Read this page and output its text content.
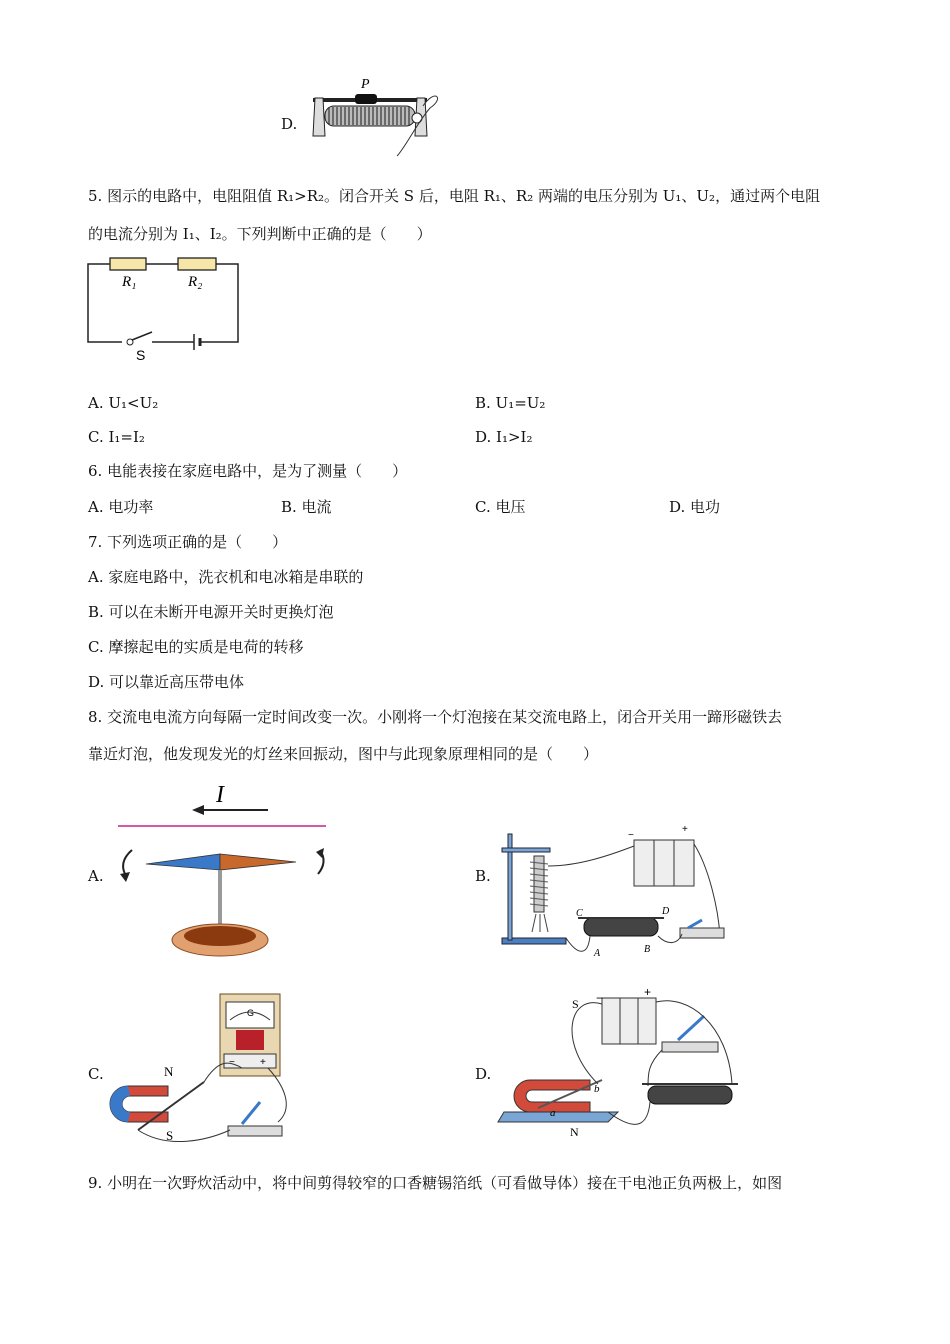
D.
P
5. 图示的电路中，电阻阻值 R₁>R₂。闭合开关 S 后，电阻 R₁、R₂ 两端的电压分别为 U₁、U₂，通过两个电阻
的电流分别为 I₁、I₂。下列判断中正确的是（　　）
R₁	R₂
S
A. U₁<U₂	B. U₁=U₂
C. I₁=I₂	D. I₁>I₂
6. 电能表接在家庭电路中，是为了测量（　　）
A. 电功率	B. 电流	C. 电压	D. 电功
7. 下列选项正确的是（　　）
A. 家庭电路中，洗衣机和电冰箱是串联的
B. 可以在未断开电源开关时更换灯泡
C. 摩擦起电的实质是电荷的转移
D. 可以靠近高压带电体
8. 交流电电流方向每隔一定时间改变一次。小刚将一个灯泡接在某交流电路上，闭合开关用一蹄形磁铁去
靠近灯泡，他发现发光的灯丝来回振动，图中与此现象原理相同的是（　　）
A.
I
B.
−
+
C	D
A	B
C.
G
−	+
N
S
D.
−	+
S
N
a
b
9. 小明在一次野炊活动中，将中间剪得较窄的口香糖锡箔纸（可看做导体）接在干电池正负两极上，如图
